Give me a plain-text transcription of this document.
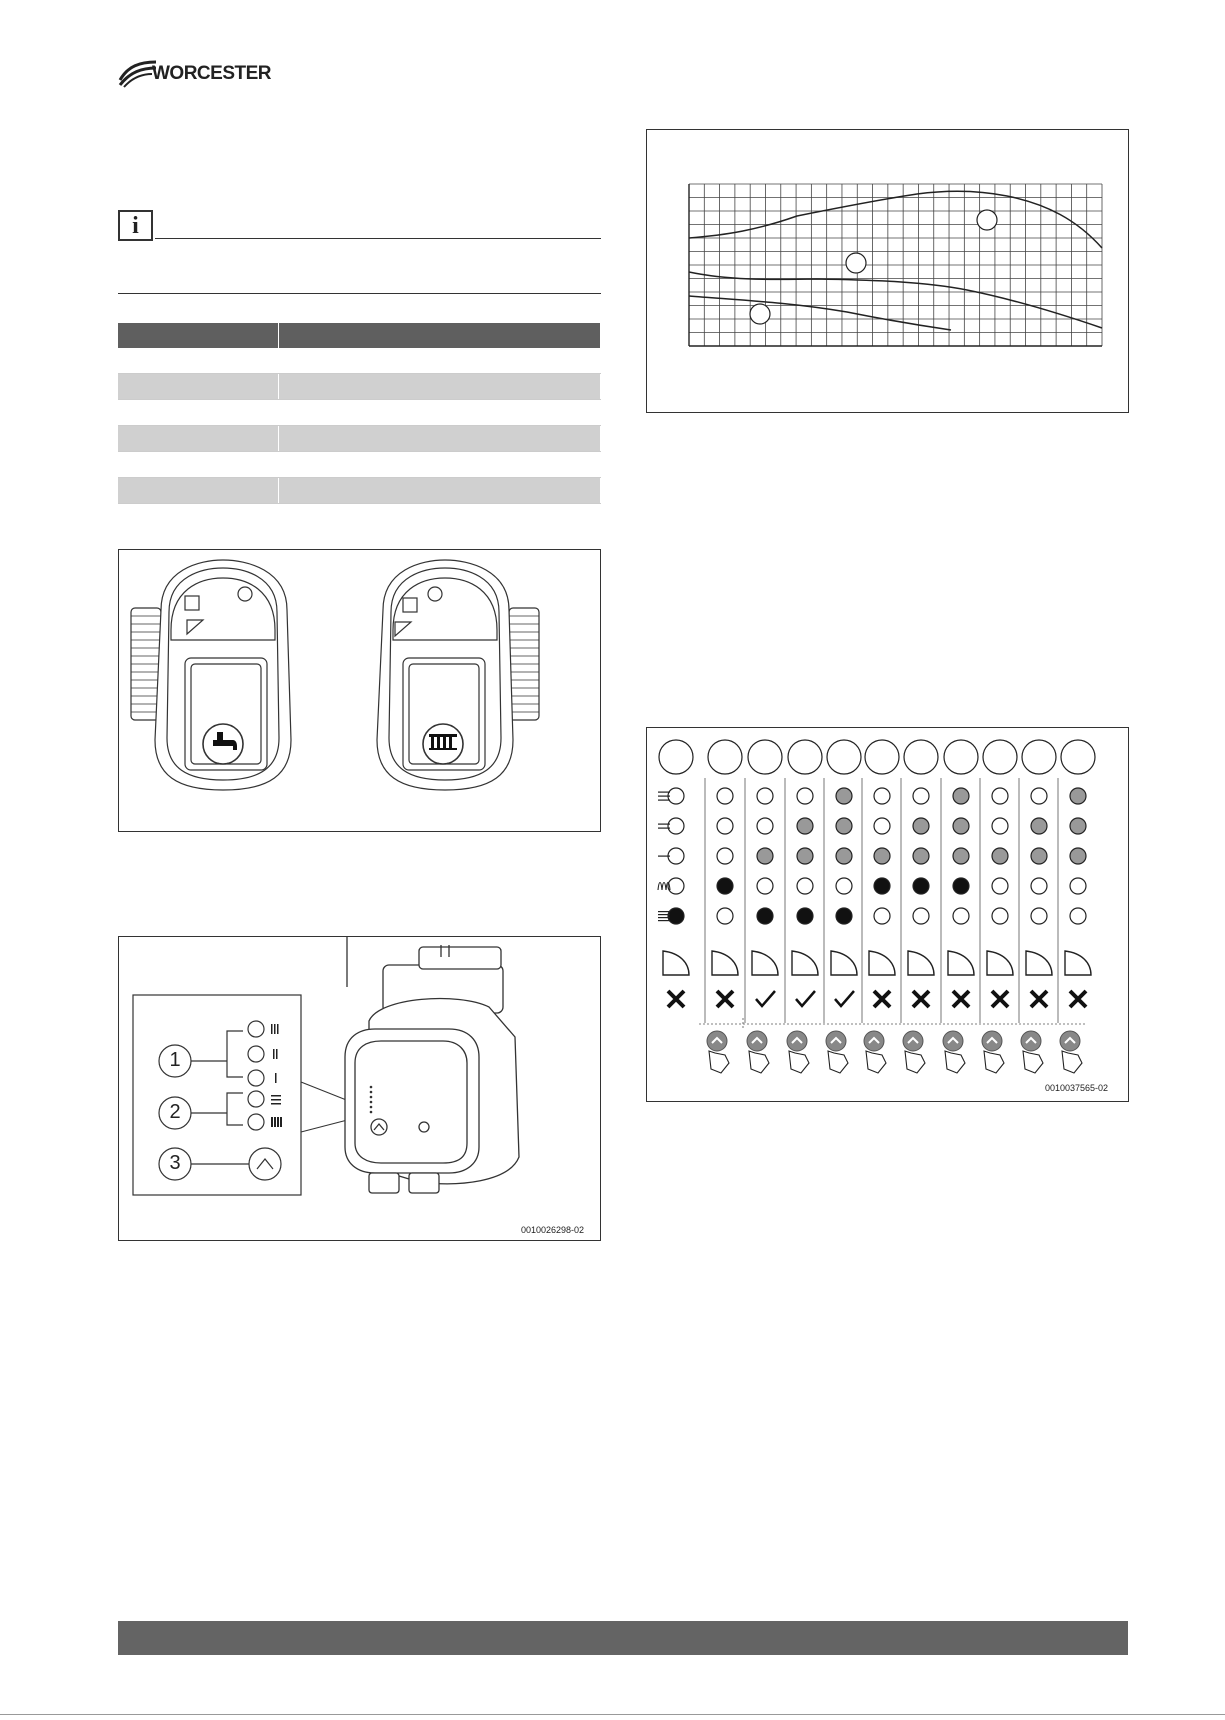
WORCESTER
i

1
2
3
0010026298-02
0010037565-02
